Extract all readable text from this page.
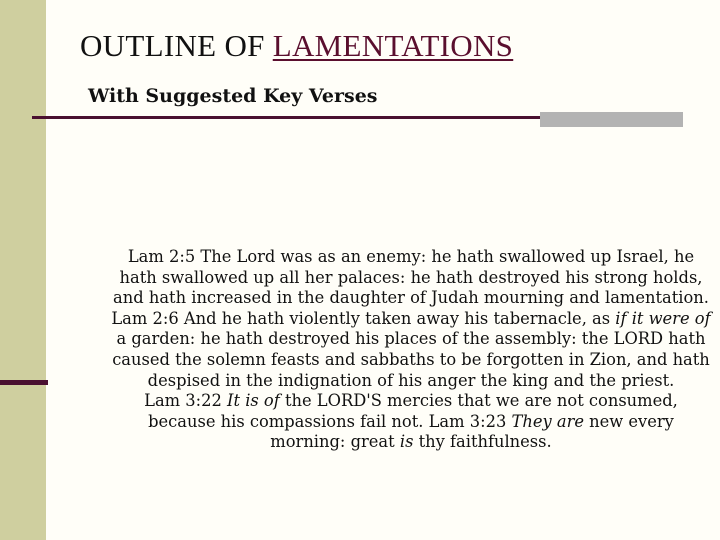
OUTLINE OF LAMENTATIONS
With Suggested Key Verses

Lam 2:5 The Lord was as an enemy: he hath swallowed up Israel, he hath swallowed up all her palaces: he hath destroyed his strong holds, and hath increased in the daughter of Judah mourning and lamentation. Lam 2:6 And he hath violently taken away his tabernacle, as if it were of a garden: he hath destroyed his places of the assembly: the LORD hath caused the solemn feasts and sabbaths to be forgotten in Zion, and hath despised in the indignation of his anger the king and the priest.
Lam 3:22 It is of the LORD'S mercies that we are not consumed, because his compassions fail not. Lam 3:23 They are new every morning: great is thy faithfulness.
